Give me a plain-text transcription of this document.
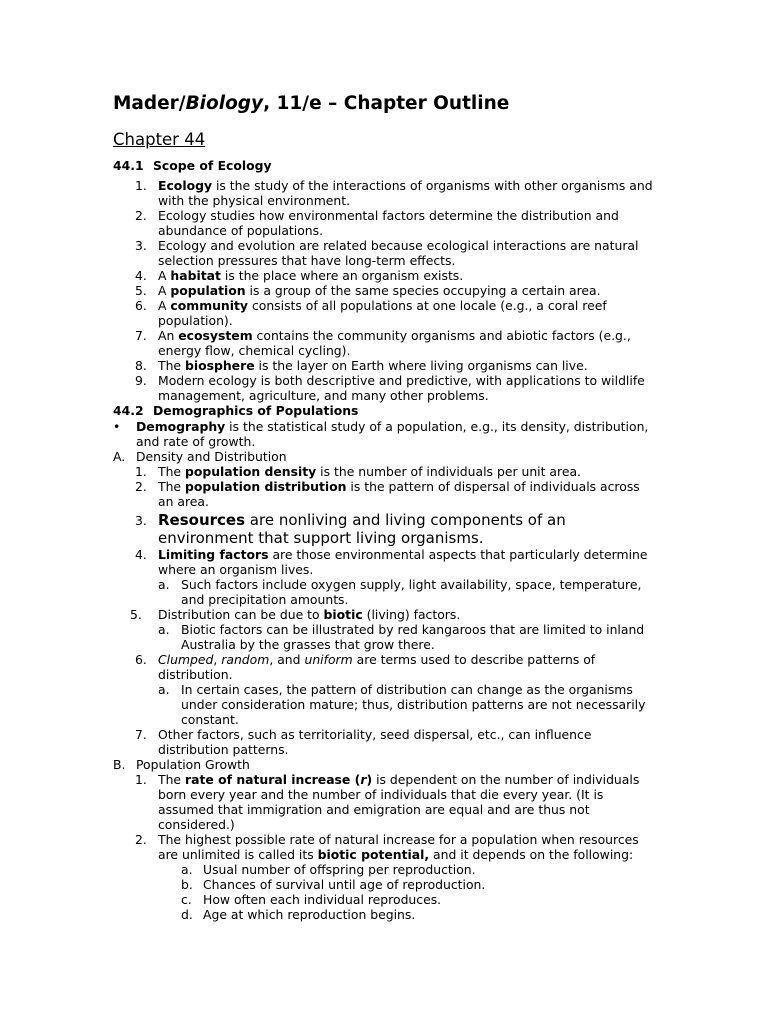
Mader/Biology, 11/e – Chapter Outline
Chapter 44
44.1 Scope of Ecology
1. Ecology is the study of the interactions of organisms with other organisms and with the physical environment.
2. Ecology studies how environmental factors determine the distribution and abundance of populations.
3. Ecology and evolution are related because ecological interactions are natural selection pressures that have long-term effects.
4. A habitat is the place where an organism exists.
5. A population is a group of the same species occupying a certain area.
6. A community consists of all populations at one locale (e.g., a coral reef population).
7. An ecosystem contains the community organisms and abiotic factors (e.g., energy flow, chemical cycling).
8. The biosphere is the layer on Earth where living organisms can live.
9. Modern ecology is both descriptive and predictive, with applications to wildlife management, agriculture, and many other problems.
44.2 Demographics of Populations
• Demography is the statistical study of a population, e.g., its density, distribution, and rate of growth.
A. Density and Distribution
1. The population density is the number of individuals per unit area.
2. The population distribution is the pattern of dispersal of individuals across an area.
3. Resources are nonliving and living components of an environment that support living organisms.
4. Limiting factors are those environmental aspects that particularly determine where an organism lives.
a. Such factors include oxygen supply, light availability, space, temperature, and precipitation amounts.
5. Distribution can be due to biotic (living) factors.
a. Biotic factors can be illustrated by red kangaroos that are limited to inland Australia by the grasses that grow there.
6. Clumped, random, and uniform are terms used to describe patterns of distribution.
a. In certain cases, the pattern of distribution can change as the organisms under consideration mature; thus, distribution patterns are not necessarily constant.
7. Other factors, such as territoriality, seed dispersal, etc., can influence distribution patterns.
B. Population Growth
1. The rate of natural increase (r) is dependent on the number of individuals born every year and the number of individuals that die every year. (It is assumed that immigration and emigration are equal and are thus not considered.)
2. The highest possible rate of natural increase for a population when resources are unlimited is called its biotic potential, and it depends on the following:
a. Usual number of offspring per reproduction.
b. Chances of survival until age of reproduction.
c. How often each individual reproduces.
d. Age at which reproduction begins.
